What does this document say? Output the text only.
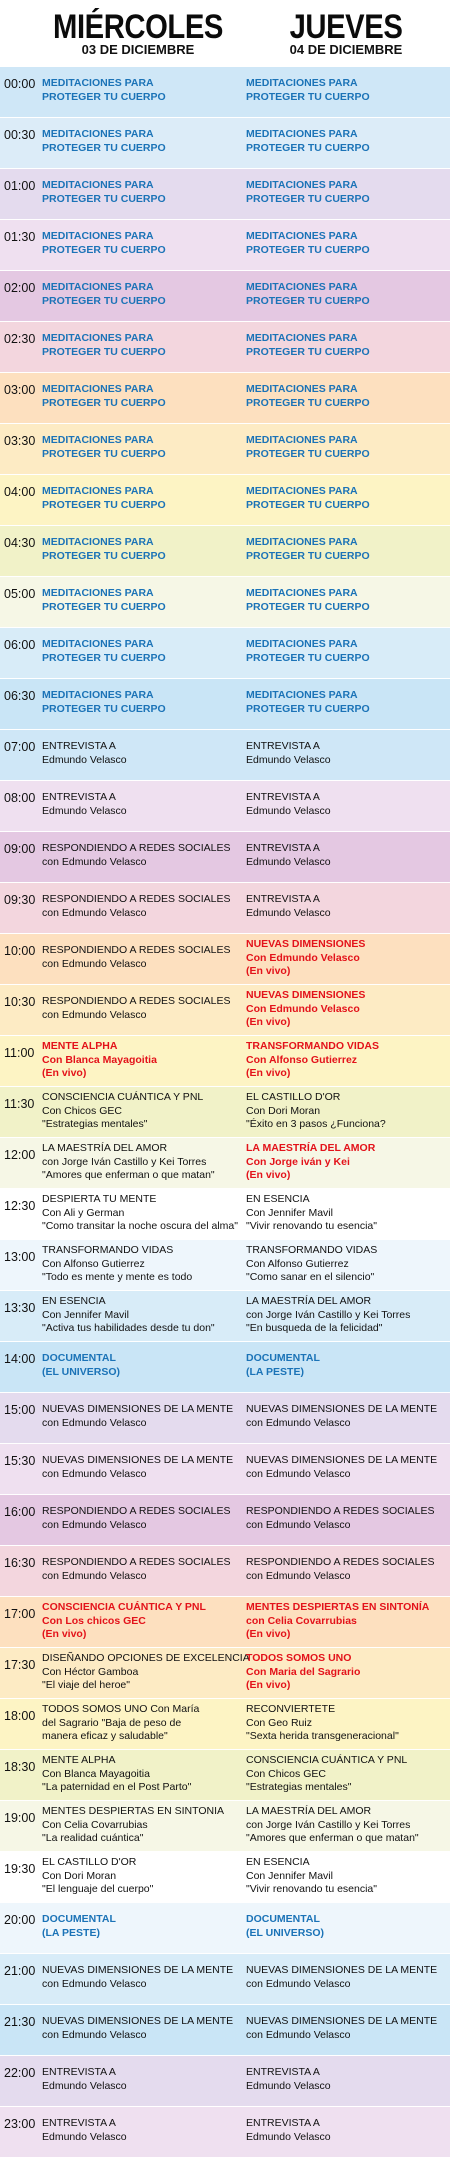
MIÉRCOLES
03 DE DICIEMBRE
JUEVES
04 DE DICIEMBRE
00:00 MEDITACIONES PARA
PROTEGER TU CUERPO
MEDITACIONES PARA
PROTEGER TU CUERPO
00:30 MEDITACIONES PARA
PROTEGER TU CUERPO
MEDITACIONES PARA
PROTEGER TU CUERPO
01:00 MEDITACIONES PARA
PROTEGER TU CUERPO
MEDITACIONES PARA
PROTEGER TU CUERPO
01:30 MEDITACIONES PARA
PROTEGER TU CUERPO
MEDITACIONES PARA
PROTEGER TU CUERPO
02:00 MEDITACIONES PARA
PROTEGER TU CUERPO
MEDITACIONES PARA
PROTEGER TU CUERPO
02:30 MEDITACIONES PARA
PROTEGER TU CUERPO
MEDITACIONES PARA
PROTEGER TU CUERPO
03:00 MEDITACIONES PARA
PROTEGER TU CUERPO
MEDITACIONES PARA
PROTEGER TU CUERPO
03:30 MEDITACIONES PARA
PROTEGER TU CUERPO
MEDITACIONES PARA
PROTEGER TU CUERPO
04:00 MEDITACIONES PARA
PROTEGER TU CUERPO
MEDITACIONES PARA
PROTEGER TU CUERPO
04:30 MEDITACIONES PARA
PROTEGER TU CUERPO
MEDITACIONES PARA
PROTEGER TU CUERPO
05:00 MEDITACIONES PARA
PROTEGER TU CUERPO
MEDITACIONES PARA
PROTEGER TU CUERPO
06:00 MEDITACIONES PARA
PROTEGER TU CUERPO
MEDITACIONES PARA
PROTEGER TU CUERPO
06:30 MEDITACIONES PARA
PROTEGER TU CUERPO
MEDITACIONES PARA
PROTEGER TU CUERPO
07:00 ENTREVISTA A
Edmundo Velasco
ENTREVISTA A
Edmundo Velasco
08:00 ENTREVISTA A
Edmundo Velasco
ENTREVISTA A
Edmundo Velasco
09:00 RESPONDIENDO A REDES SOCIALES
con Edmundo Velasco
ENTREVISTA A
Edmundo Velasco
09:30 RESPONDIENDO A REDES SOCIALES
con Edmundo Velasco
ENTREVISTA A
Edmundo Velasco
10:00 RESPONDIENDO A REDES SOCIALES
con Edmundo Velasco
NUEVAS DIMENSIONES
Con Edmundo Velasco
(En vivo)
10:30 RESPONDIENDO A REDES SOCIALES
con Edmundo Velasco
NUEVAS DIMENSIONES
Con Edmundo Velasco
(En vivo)
11:00 MENTE ALPHA
Con Blanca Mayagoitia
(En vivo)
TRANSFORMANDO VIDAS
Con Alfonso Gutierrez
(En vivo)
11:30 CONSCIENCIA CUÁNTICA Y PNL
Con Chicos GEC
"Estrategias mentales"
EL CASTILLO D'OR
Con Dori Moran
"Éxito en 3 pasos ¿Funciona?
12:00 LA MAESTRÍA DEL AMOR
con Jorge Iván Castillo y Kei Torres
"Amores que enferman o que matan"
LA MAESTRÍA DEL AMOR
Con Jorge iván y Kei
(En vivo)
12:30 DESPIERTA TU MENTE
Con Ali y German
"Como transitar la noche oscura del alma"
EN ESENCIA
Con Jennifer Mavil
"Vivir renovando tu esencia"
13:00 TRANSFORMANDO VIDAS
Con Alfonso Gutierrez
"Todo es mente y mente es todo
TRANSFORMANDO VIDAS
Con Alfonso Gutierrez
"Como sanar en el silencio"
13:30 EN ESENCIA
Con Jennifer Mavil
"Activa tus habilidades desde tu don"
LA MAESTRÍA DEL AMOR
con Jorge Iván Castillo y Kei Torres
"En busqueda de la felicidad"
14:00 DOCUMENTAL
(EL UNIVERSO)
DOCUMENTAL
(LA PESTE)
15:00 NUEVAS DIMENSIONES DE LA MENTE
con Edmundo Velasco
NUEVAS DIMENSIONES DE LA MENTE
con Edmundo Velasco
15:30 NUEVAS DIMENSIONES DE LA MENTE
con Edmundo Velasco
NUEVAS DIMENSIONES DE LA MENTE
con Edmundo Velasco
16:00 RESPONDIENDO A REDES SOCIALES
con Edmundo Velasco
RESPONDIENDO A REDES SOCIALES
con Edmundo Velasco
16:30 RESPONDIENDO A REDES SOCIALES
con Edmundo Velasco
RESPONDIENDO A REDES SOCIALES
con Edmundo Velasco
17:00 CONSCIENCIA CUÁNTICA Y PNL
Con Los chicos GEC
(En vivo)
MENTES DESPIERTAS EN SINTONÍA
con Celia Covarrubias
(En vivo)
17:30 DISEÑANDO OPCIONES DE EXCELENCIA
Con Héctor Gamboa
"El viaje del heroe"
TODOS SOMOS UNO
Con Maria del Sagrario
(En vivo)
18:00 TODOS SOMOS UNO Con María
del Sagrario "Baja de peso de
manera eficaz y saludable"
RECONVIERTETE
Con Geo Ruiz
"Sexta herida transgeneracional"
18:30 MENTE ALPHA
Con Blanca Mayagoitia
"La paternidad en el Post Parto"
CONSCIENCIA CUÁNTICA Y PNL
Con Chicos GEC
"Estrategias mentales"
19:00 MENTES DESPIERTAS EN SINTONIA
Con Celia Covarrubias
"La realidad cuántica"
LA MAESTRÍA DEL AMOR
con Jorge Iván Castillo y Kei Torres
"Amores que enferman o que matan"
19:30 EL CASTILLO D'OR
Con Dori Moran
"El lenguaje del cuerpo"
EN ESENCIA
Con Jennifer Mavil
"Vivir renovando tu esencia"
20:00 DOCUMENTAL
(LA PESTE)
DOCUMENTAL
(EL UNIVERSO)
21:00 NUEVAS DIMENSIONES DE LA MENTE
con Edmundo Velasco
NUEVAS DIMENSIONES DE LA MENTE
con Edmundo Velasco
21:30 NUEVAS DIMENSIONES DE LA MENTE
con Edmundo Velasco
NUEVAS DIMENSIONES DE LA MENTE
con Edmundo Velasco
22:00 ENTREVISTA A
Edmundo Velasco
ENTREVISTA A
Edmundo Velasco
23:00 ENTREVISTA A
Edmundo Velasco
ENTREVISTA A
Edmundo Velasco
